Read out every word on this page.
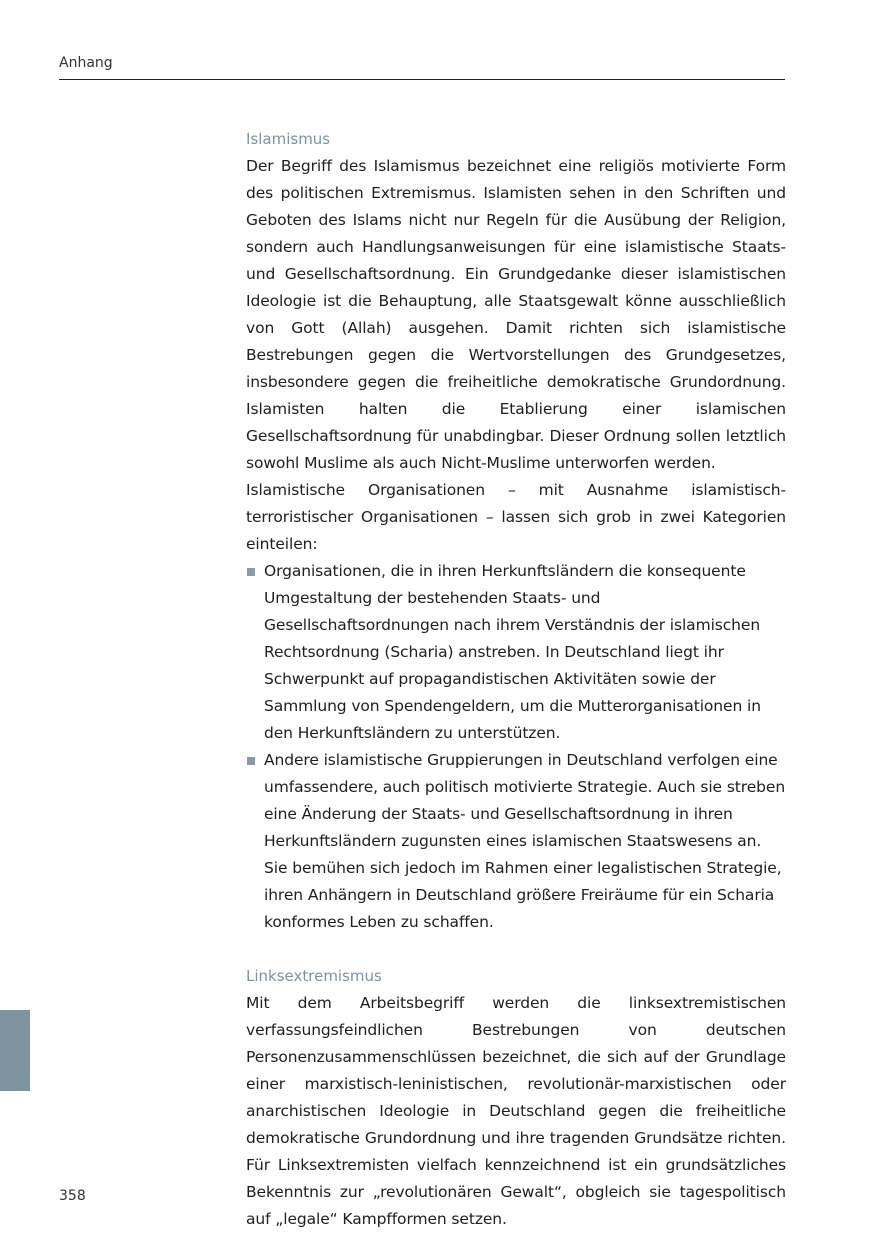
Anhang
Islamismus
Der Begriff des Islamismus bezeichnet eine religiös motivierte Form des politischen Extremismus. Islamisten sehen in den Schriften und Geboten des Islams nicht nur Regeln für die Ausübung der Religion, sondern auch Handlungsanweisungen für eine islamistische Staats- und Gesellschaftsordnung. Ein Grundgedanke dieser islamistischen Ideologie ist die Behauptung, alle Staatsgewalt könne ausschließlich von Gott (Allah) ausgehen. Damit richten sich islamistische Bestrebungen gegen die Wertvorstellungen des Grundgesetzes, insbesondere gegen die freiheitliche demokratische Grundordnung. Islamisten halten die Etablierung einer islamischen Gesellschaftsordnung für unabdingbar. Dieser Ordnung sollen letztlich sowohl Muslime als auch Nicht-Muslime unterworfen werden.
Islamistische Organisationen – mit Ausnahme islamistisch-terroristischer Organisationen – lassen sich grob in zwei Kategorien einteilen:
Organisationen, die in ihren Herkunftsländern die konsequente Umgestaltung der bestehenden Staats- und Gesellschaftsordnungen nach ihrem Verständnis der islamischen Rechtsordnung (Scharia) anstreben. In Deutschland liegt ihr Schwerpunkt auf propagandistischen Aktivitäten sowie der Sammlung von Spendengeldern, um die Mutterorganisationen in den Herkunftsländern zu unterstützen.
Andere islamistische Gruppierungen in Deutschland verfolgen eine umfassendere, auch politisch motivierte Strategie. Auch sie streben eine Änderung der Staats- und Gesellschaftsordnung in ihren Herkunftsländern zugunsten eines islamischen Staatswesens an. Sie bemühen sich jedoch im Rahmen einer legalistischen Strategie, ihren Anhängern in Deutschland größere Freiräume für ein Scharia konformes Leben zu schaffen.
Linksextremismus
Mit dem Arbeitsbegriff werden die linksextremistischen verfassungsfeindlichen Bestrebungen von deutschen Personenzusammenschlüssen bezeichnet, die sich auf der Grundlage einer marxistisch-leninistischen, revolutionär-marxistischen oder anarchistischen Ideologie in Deutschland gegen die freiheitliche demokratische Grundordnung und ihre tragenden Grundsätze richten. Für Linksextremisten vielfach kennzeichnend ist ein grundsätzliches Bekenntnis zur „revolutionären Gewalt“, obgleich sie tagespolitisch auf „legale“ Kampfformen setzen.
358
